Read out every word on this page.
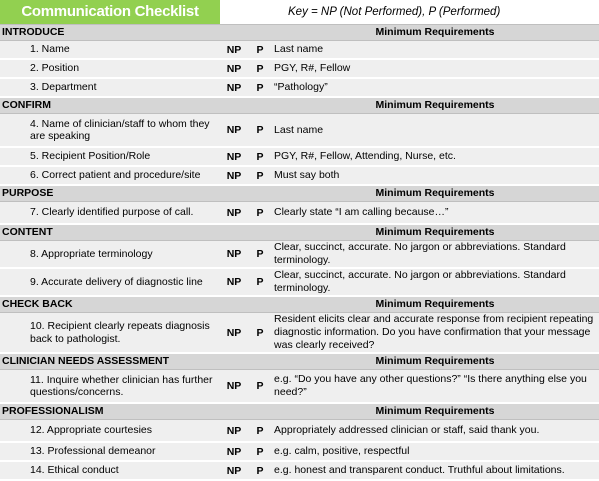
Communication Checklist	Key = NP (Not Performed), P (Performed)
INTRODUCE			Minimum Requirements
1. Name	NP	P	Last name
2. Position	NP	P	PGY, R#, Fellow
3. Department	NP	P	“Pathology”
CONFIRM			Minimum Requirements
4. Name of clinician/staff to whom they are speaking	NP	P	Last name
5. Recipient Position/Role	NP	P	PGY, R#, Fellow, Attending, Nurse, etc.
6. Correct patient and procedure/site	NP	P	Must say both
PURPOSE			Minimum Requirements
7. Clearly identified purpose of call.	NP	P	Clearly state “I am calling because…”
CONTENT			Minimum Requirements
8. Appropriate terminology	NP	P	Clear, succinct, accurate. No jargon or abbreviations. Standard terminology.
9. Accurate delivery of diagnostic line	NP	P	Clear, succinct, accurate. No jargon or abbreviations. Standard terminology.
CHECK BACK			Minimum Requirements
10. Recipient clearly repeats diagnosis back to pathologist.	NP	P	Resident elicits clear and accurate response from recipient repeating diagnostic information. Do you have confirmation that your message was clearly received?
CLINICIAN NEEDS ASSESSMENT			Minimum Requirements
11. Inquire whether clinician has further questions/concerns.	NP	P	e.g. “Do you have any other questions?” “Is there anything else you need?”
PROFESSIONALISM			Minimum Requirements
12. Appropriate courtesies	NP	P	Appropriately addressed clinician or staff, said thank you.
13. Professional demeanor	NP	P	e.g. calm, positive, respectful
14. Ethical conduct	NP	P	e.g. honest and transparent conduct. Truthful about limitations.
